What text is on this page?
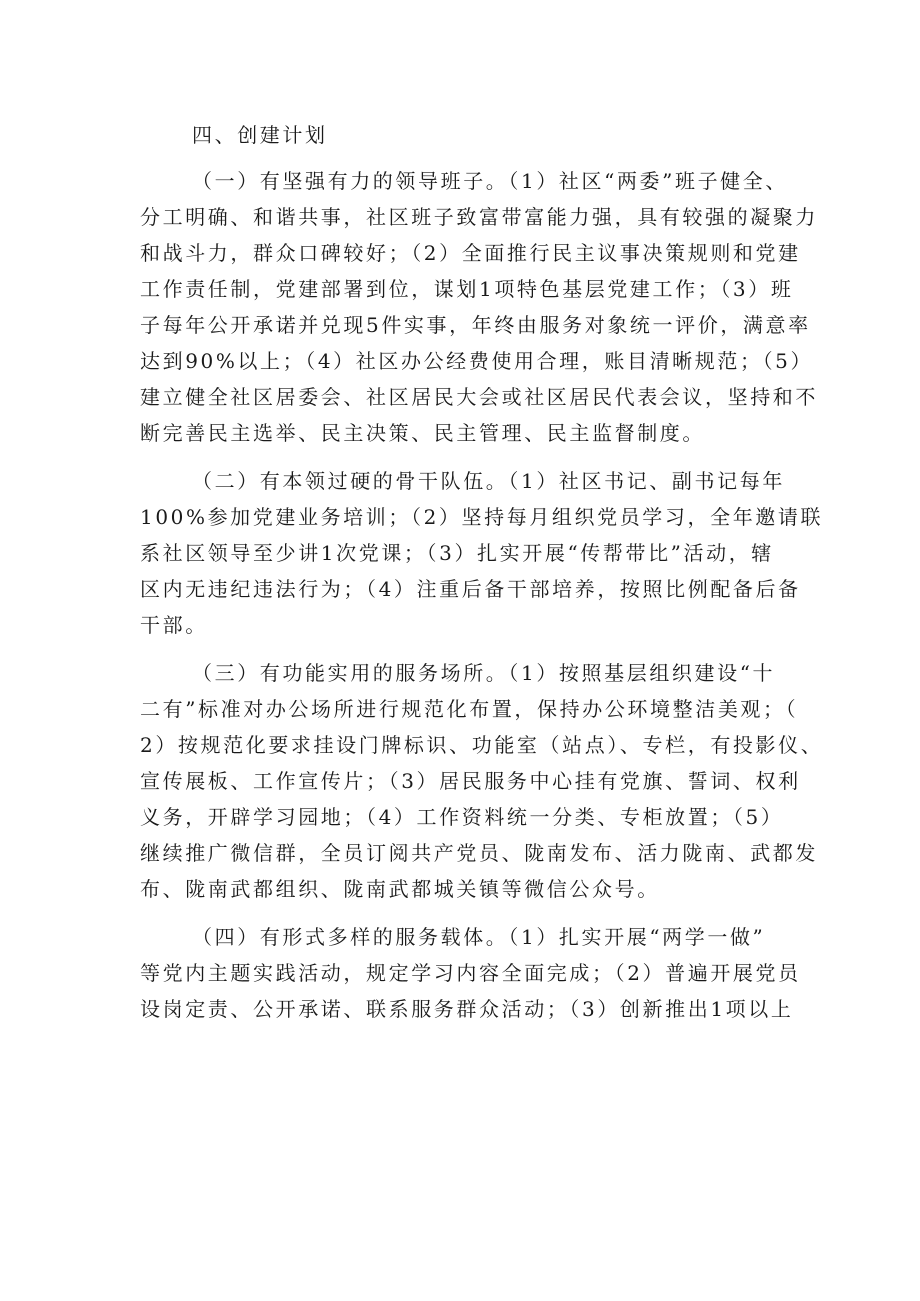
四、创建计划
（一）有坚强有力的领导班子。（1）社区“两委”班子健全、
分工明确、和谐共事，社区班子致富带富能力强，具有较强的凝聚力
和战斗力，群众口碑较好；（2）全面推行民主议事决策规则和党建
工作责任制，党建部署到位，谋划1项特色基层党建工作；（3）班
子每年公开承诺并兑现5件实事，年终由服务对象统一评价，满意率
达到90%以上；（4）社区办公经费使用合理，账目清晰规范；（5）
建立健全社区居委会、社区居民大会或社区居民代表会议，坚持和不
断完善民主选举、民主决策、民主管理、民主监督制度。
（二）有本领过硬的骨干队伍。（1）社区书记、副书记每年
100%参加党建业务培训；（2）坚持每月组织党员学习，全年邀请联
系社区领导至少讲1次党课；（3）扎实开展“传帮带比”活动，辖
区内无违纪违法行为；（4）注重后备干部培养，按照比例配备后备
干部。
（三）有功能实用的服务场所。（1）按照基层组织建设“十
二有”标准对办公场所进行规范化布置，保持办公环境整洁美观；（
2）按规范化要求挂设门牌标识、功能室（站点）、专栏，有投影仪、
宣传展板、工作宣传片；（3）居民服务中心挂有党旗、誓词、权利
义务，开辟学习园地；（4）工作资料统一分类、专柜放置；（5）
继续推广微信群，全员订阅共产党员、陇南发布、活力陇南、武都发
布、陇南武都组织、陇南武都城关镇等微信公众号。
（四）有形式多样的服务载体。（1）扎实开展“两学一做”
等党内主题实践活动，规定学习内容全面完成；（2）普遍开展党员
设岗定责、公开承诺、联系服务群众活动；（3）创新推出1项以上
